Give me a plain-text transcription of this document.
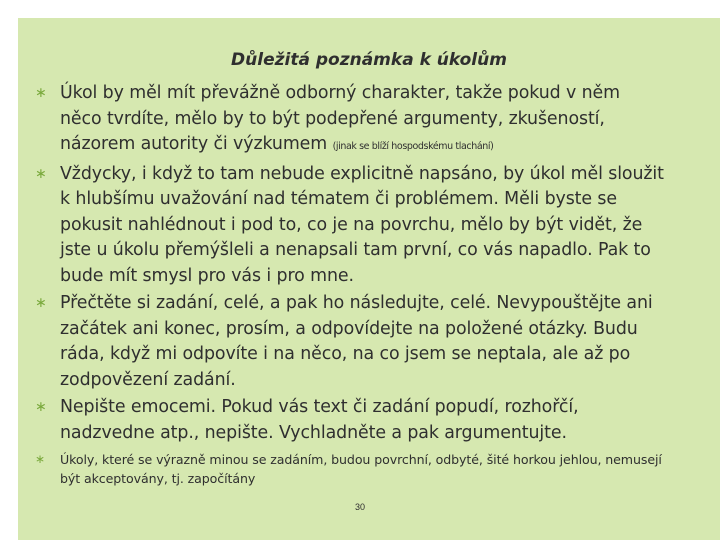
Důležitá poznámka k úkolům
∗ Úkol by měl mít převážně odborný charakter, takže pokud v něm něco tvrdíte, mělo by to být podepřené argumenty, zkušeností, názorem autority či výzkumem (jinak se blíží hospodskému tlachání)
∗ Vždycky, i když to tam nebude explicitně napsáno, by úkol měl sloužit k hlubšímu uvažování nad tématem či problémem. Měli byste se pokusit nahlédnout i pod to, co je na povrchu, mělo by být vidět, že jste u úkolu přemýšleli a nenapsali tam první, co vás napadlo. Pak to bude mít smysl pro vás i pro mne.
∗ Přečtěte si zadání, celé, a pak ho následujte, celé. Nevypouštějte ani začátek ani konec, prosím, a odpovídejte na položené otázky. Budu ráda, když mi odpovíte i na něco, na co jsem se neptala, ale až po zodpovězení zadání.
∗ Nepište emocemi. Pokud vás text či zadání popudí, rozhořčí, nadzvedne atp., nepište. Vychladněte a pak argumentujte.
∗ Úkoly, které se výrazně minou se zadáním, budou povrchní, odbyté, šité horkou jehlou, nemusejí být akceptovány, tj. započítány
30
